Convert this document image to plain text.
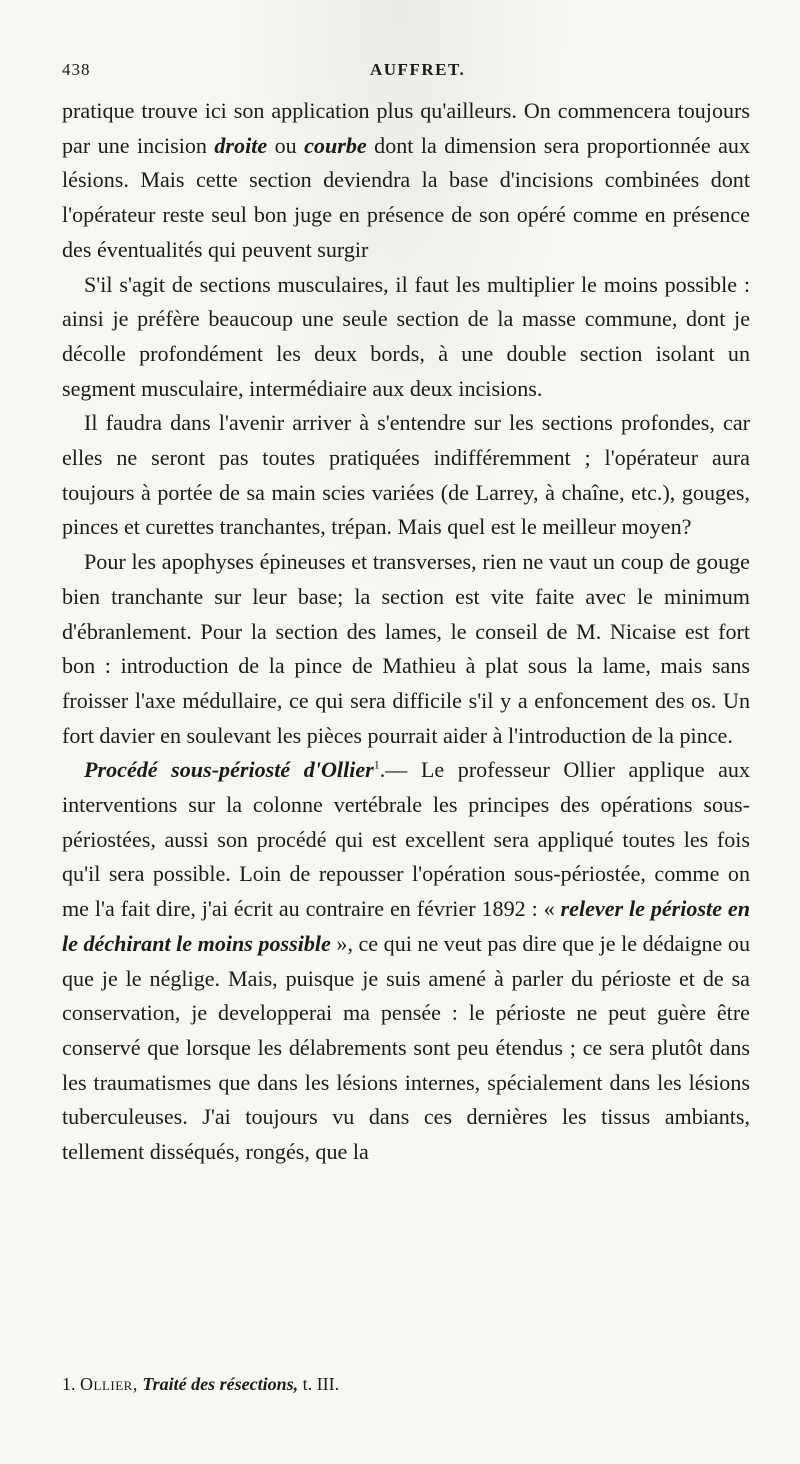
438	AUFFRET.

pratique trouve ici son application plus qu'ailleurs. On commencera toujours par une incision droite ou courbe dont la dimension sera proportionnée aux lésions. Mais cette section deviendra la base d'incisions combinées dont l'opérateur reste seul bon juge en présence de son opéré comme en présence des éventualités qui peuvent surgir

S'il s'agit de sections musculaires, il faut les multiplier le moins possible : ainsi je préfère beaucoup une seule section de la masse commune, dont je décolle profondément les deux bords, à une double section isolant un segment musculaire, intermédiaire aux deux incisions.

Il faudra dans l'avenir arriver à s'entendre sur les sections profondes, car elles ne seront pas toutes pratiquées indifféremment ; l'opérateur aura toujours à portée de sa main scies variées (de Larrey, à chaîne, etc.), gouges, pinces et curettes tranchantes, trépan. Mais quel est le meilleur moyen?

Pour les apophyses épineuses et transverses, rien ne vaut un coup de gouge bien tranchante sur leur base; la section est vite faite avec le minimum d'ébranlement. Pour la section des lames, le conseil de M. Nicaise est fort bon : introduction de la pince de Mathieu à plat sous la lame, mais sans froisser l'axe médullaire, ce qui sera difficile s'il y a enfoncement des os. Un fort davier en soulevant les pièces pourrait aider à l'introduction de la pince.

Procédé sous-périosté d'Ollier$^1$.— Le professeur Ollier applique aux interventions sur la colonne vertébrale les principes des opérations sous-périostées, aussi son procédé qui est excellent sera appliqué toutes les fois qu'il sera possible. Loin de repousser l'opération sous-périostée, comme on me l'a fait dire, j'ai écrit au contraire en février 1892 : « relever le périoste en le déchirant le moins possible », ce qui ne veut pas dire que je le dédaigne ou que je le néglige. Mais, puisque je suis amené à parler du périoste et de sa conservation, je developperai ma pensée : le périoste ne peut guère être conservé que lorsque les délabrements sont peu étendus ; ce sera plutôt dans les traumatismes que dans les lésions internes, spécialement dans les lésions tuberculeuses. J'ai toujours vu dans ces dernières les tissus ambiants, tellement disséqués, rongés, que la

1. Ollier, Traité des résections, t. III.
